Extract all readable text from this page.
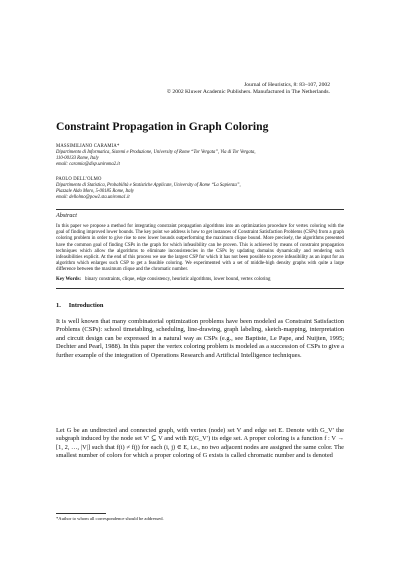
Journal of Heuristics, 8: 83–107, 2002
© 2002 Kluwer Academic Publishers. Manufactured in The Netherlands.
Constraint Propagation in Graph Coloring
MASSIMILIANO CARAMIA*
Dipartimento di Informatica, Sistemi e Produzione, University of Rome “Tor Vergata”, Via di Tor Vergata,
110-00133 Rome, Italy
email: caramia@disp.uniroma2.it
PAOLO DELL’OLMO
Dipartimento di Statistica, Probabilità e Statistiche Applicate, University of Rome “La Sapienza”,
Piazzale Aldo Moro, 5-00185 Rome, Italy
email: dellolmo@pow2.sta.uniroma1.it
Abstract
In this paper we propose a method for integrating constraint propagation algorithms into an optimization procedure for vertex coloring with the goal of finding improved lower bounds. The key point we address is how to get instances of Constraint Satisfaction Problems (CSPs) from a graph coloring problem in order to give rise to new lower bounds outperforming the maximum clique bound. More precisely, the algorithms presented have the common goal of finding CSPs in the graph for which infeasibility can be proven. This is achieved by means of constraint propagation techniques which allow the algorithms to eliminate inconsistencies in the CSPs by updating domains dynamically and rendering such infeasibilities explicit. At the end of this process we use the largest CSP for which it has not been possible to prove infeasibility as an input for an algorithm which enlarges such CSP to get a feasible coloring. We experimented with a set of middle-high density graphs with quite a large difference between the maximum clique and the chromatic number.
Key Words: binary constraints, clique, edge consistency, heuristic algorithms, lower bound, vertex coloring
1. Introduction
It is well known that many combinatorial optimization problems have been modeled as Constraint Satisfaction Problems (CSPs): school timetabling, scheduling, line-drawing, graph labeling, sketch-mapping, interpretation and circuit design can be expressed in a natural way as CSPs (e.g., see Baptiste, Le Pape, and Nuijten, 1995; Dechter and Pearl, 1988). In this paper the vertex coloring problem is modeled as a succession of CSPs to give a further example of the integration of Operations Research and Artificial Intelligence techniques.
Let G be an undirected and connected graph, with vertex (node) set V and edge set E. Denote with G_V′ the subgraph induced by the node set V′ ⊆ V and with E(G_V′) its edge set. A proper coloring is a function f : V → [1, 2, …, |V|] such that f(i) ≠ f(j) for each (i, j) ∈ E, i.e., no two adjacent nodes are assigned the same color. The smallest number of colors for which a proper coloring of G exists is called chromatic number and is denoted
*Author to whom all correspondence should be addressed.
